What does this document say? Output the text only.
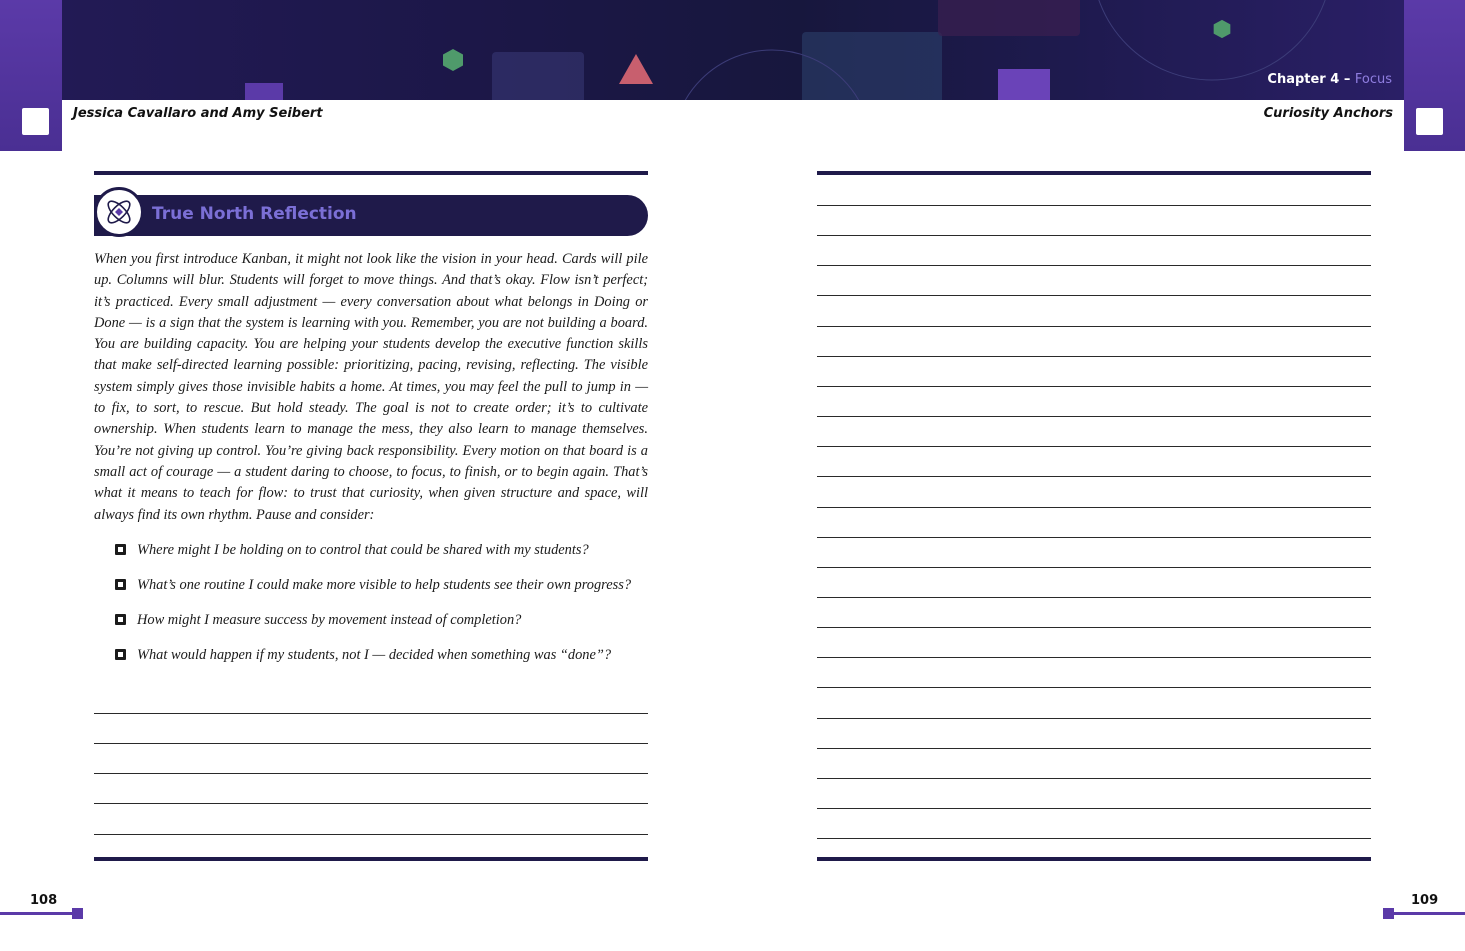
Chapter 4 – Focus
Jessica Cavallaro and Amy Seibert	Curiosity Anchors
True North Reflection
When you first introduce Kanban, it might not look like the vision in your head. Cards will pile up. Columns will blur. Students will forget to move things. And that’s okay. Flow isn’t perfect; it’s practiced. Every small adjustment — every conversation about what belongs in Doing or Done — is a sign that the system is learning with you. Remember, you are not building a board. You are building capacity. You are helping your students develop the executive function skills that make self-directed learning possible: prioritizing, pacing, revising, reflecting. The visible system simply gives those invisible habits a home. At times, you may feel the pull to jump in — to fix, to sort, to rescue. But hold steady. The goal is not to create order; it’s to cultivate ownership. When students learn to manage the mess, they also learn to manage themselves. You’re not giving up control. You’re giving back responsibility. Every motion on that board is a small act of courage — a student daring to choose, to focus, to finish, or to begin again. That’s what it means to teach for flow: to trust that curiosity, when given structure and space, will always find its own rhythm. Pause and consider:
Where might I be holding on to control that could be shared with my students?
What’s one routine I could make more visible to help students see their own progress?
How might I measure success by movement instead of completion?
What would happen if my students, not I — decided when something was “done”?
108	109
